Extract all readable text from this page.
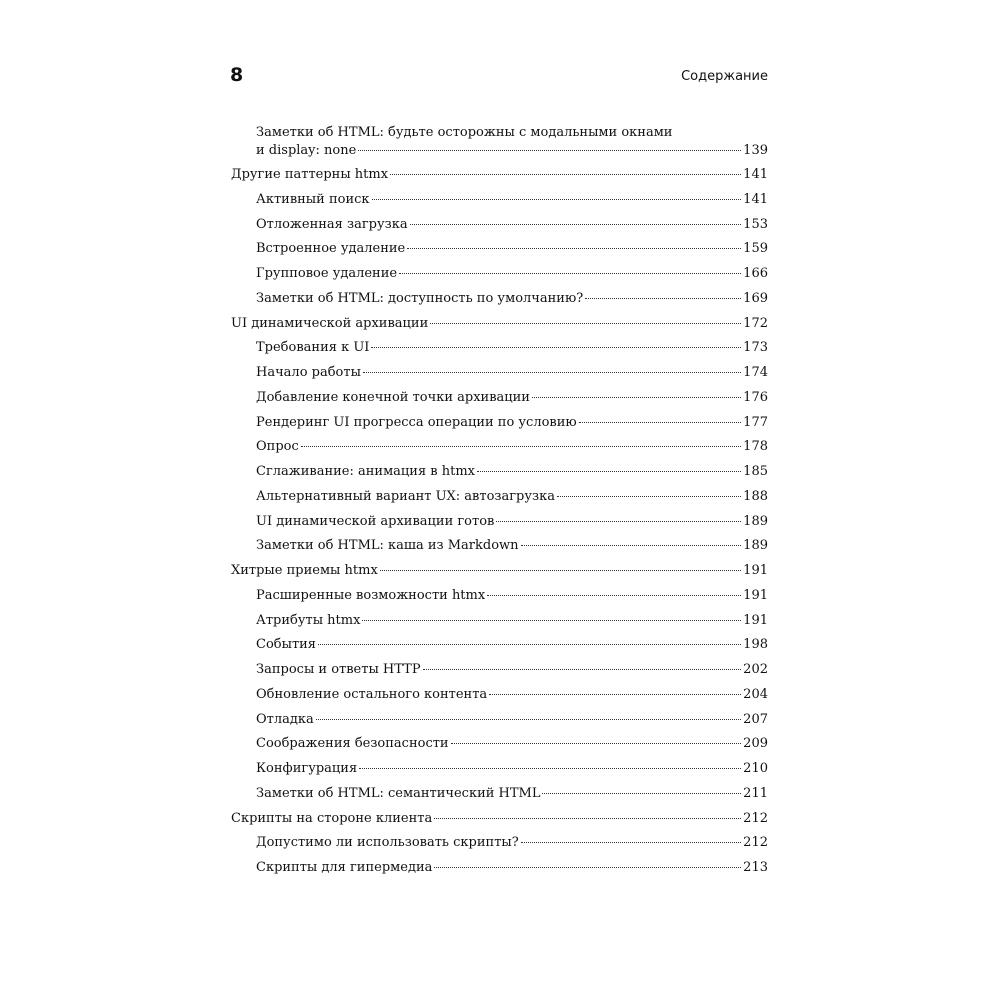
8	Содержание
Заметки об HTML: будьте осторожны с модальными окнами
и display: none	139
Другие паттерны htmx	141
Активный поиск	141
Отложенная загрузка	153
Встроенное удаление	159
Групповое удаление	166
Заметки об HTML: доступность по умолчанию?	169
UI динамической архивации	172
Требования к UI	173
Начало работы	174
Добавление конечной точки архивации	176
Рендеринг UI прогресса операции по условию	177
Опрос	178
Сглаживание: анимация в htmx	185
Альтернативный вариант UX: автозагрузка	188
UI динамической архивации готов	189
Заметки об HTML: каша из Markdown	189
Хитрые приемы htmx	191
Расширенные возможности htmx	191
Атрибуты htmx	191
События	198
Запросы и ответы HTTP	202
Обновление остального контента	204
Отладка	207
Соображения безопасности	209
Конфигурация	210
Заметки об HTML: семантический HTML	211
Скрипты на стороне клиента	212
Допустимо ли использовать скрипты?	212
Скрипты для гипермедиа	213
